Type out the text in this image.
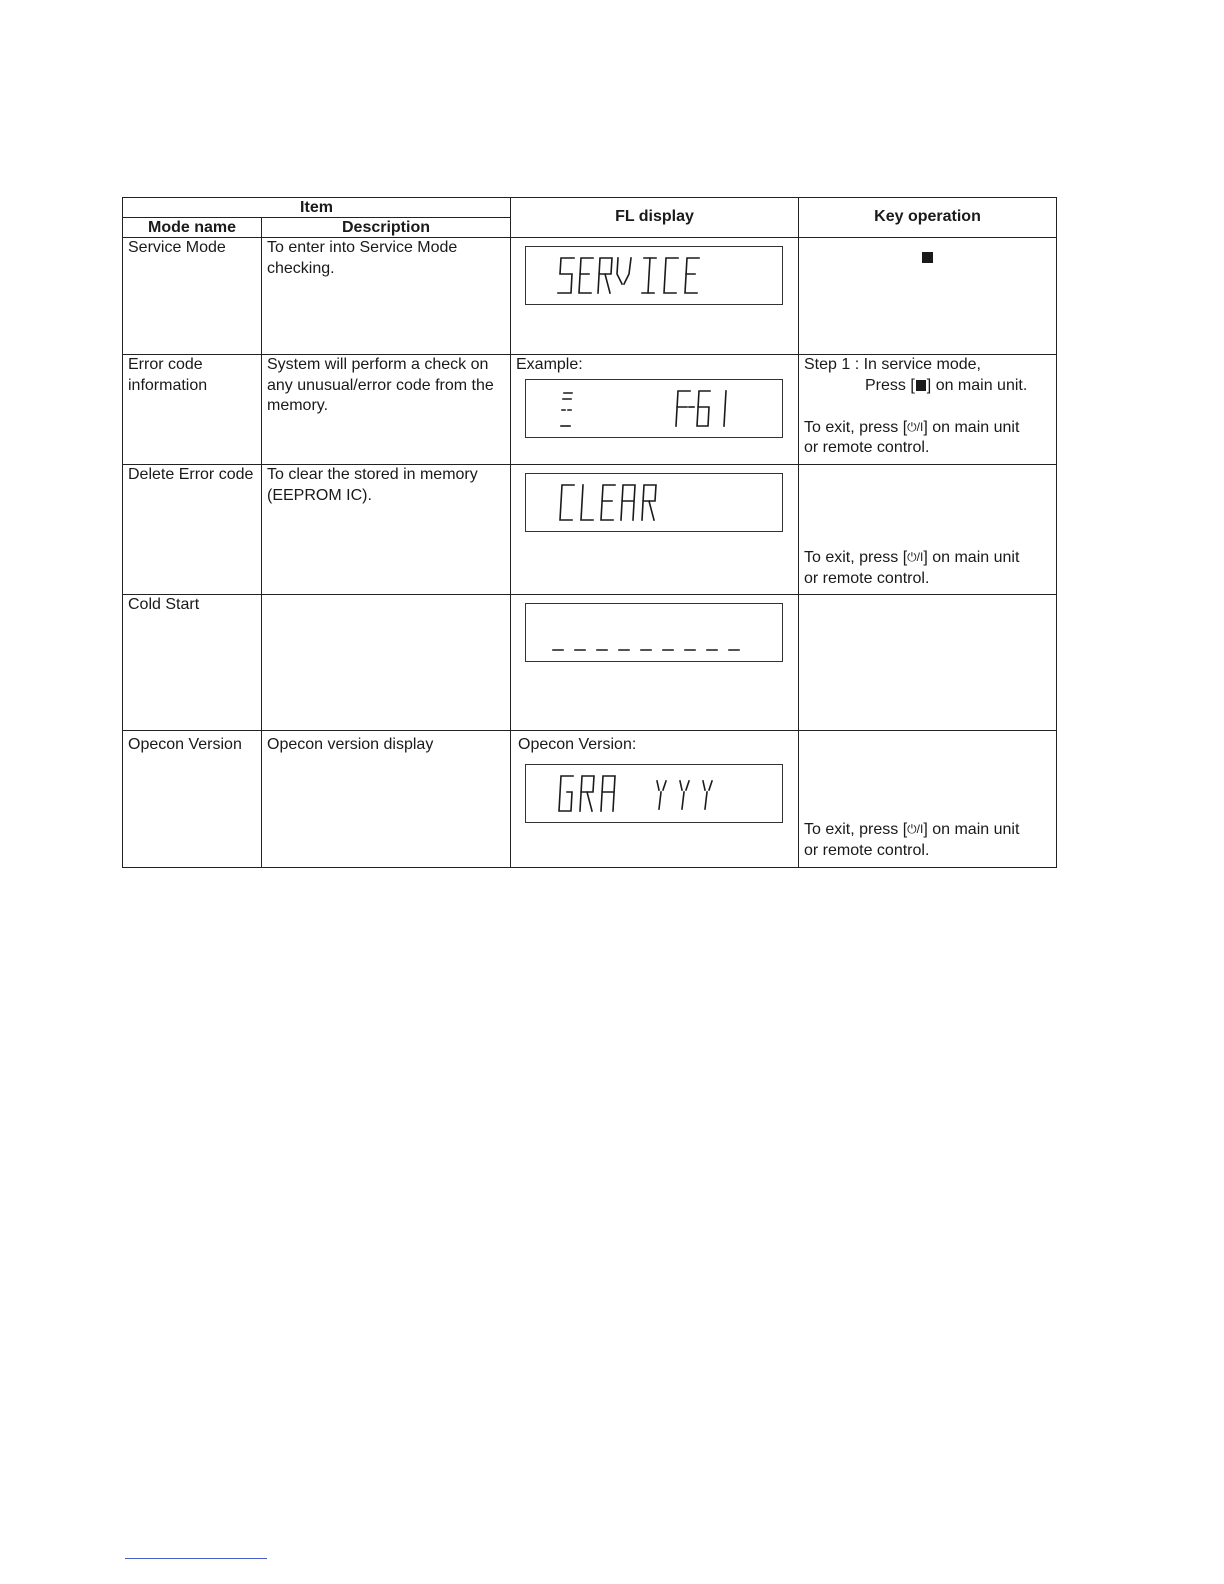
Item		FL display	Key operation
Mode name	Description		

Service Mode	To enter into Service Mode checking.

Error code information	System will perform a check on any unusual/error code from the memory.	Example:	Step 1 : In service mode,
Press [ ] on main unit.
To exit, press [⏻/I] on main unit
or remote control.

Delete Error code	To clear the stored in memory (EEPROM IC).		To exit, press [⏻/I] on main unit
or remote control.

Cold Start

Opecon Version	Opecon version display	Opecon Version:	To exit, press [⏻/I] on main unit
or remote control.
